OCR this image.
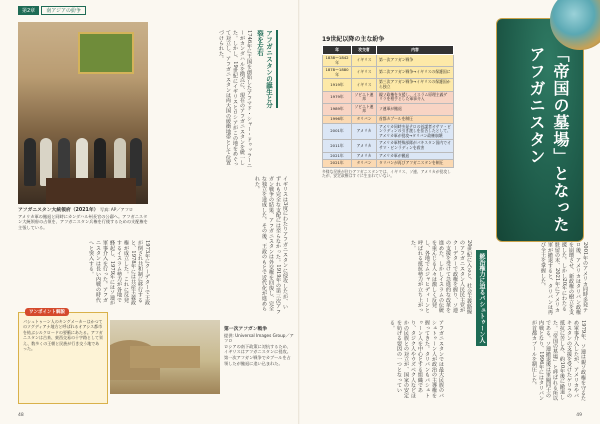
第2章	南アジアの紛争
アフガニスタン大統領府（2021年） 写真: AP／アフロ
アメリカ軍の撤退と同時にカンダハル州長官の公邸へ。アフガニスタン大統領府の占領を、アフガニスタン兵権を行使するための支配権を主張している。
アフガニスタンの誕生と分裂を左右
1746年に王国を創始したアフマド・シャー・ドゥッラーニーがカンダハルを拠点に、現在のアフガニスタンを統一した。しかし、19世紀にイギリスとロシアがこの地をめぐって対立し、アフガニスタンは両大国の緩衝地帯として位置づけられた。
イギリスは3度にわたりアフガニスタンに侵攻したが、いずれも完全な支配には至らなかった。1919年の第三次アフガン戦争の結果、アフガニスタンは外交権を回復し、完全な独立を達成した。その後、王政のもとで近代化が進められた。
1973年にクーデターで王政が倒され共和制に移行すると、1978年には共産主義政権が成立した。これに反発するイスラム勢力が各地で蜂起し、1979年にはソ連が軍事介入を行った。アフガニスタンは長い内戦の時代へと突入する。
ワンポイント解説
パシュトゥーン人のキングメーカーはかつてのソグディアナ地方と呼ばれるオアシス都市を結ぶシルクロードの要衝にあたる。アフガニスタンは古来、東西交易の十字路として栄え、数多くの王朝と民族が行き交う地であった。
第一次アフガン戦争
提供: Universal Images Group／アフロ
ロシアの南下政策に対抗するため、イギリスはアフガニスタンに侵攻。第一次アフガン戦争でカブールを占領したが撤退に追い込まれた。
48
19世紀以降の主な紛争
年	攻交者	内容
1838〜1842年	イギリス	第一次アフガン戦争
1878〜1880年	イギリス	第二次アフガン戦争→イギリスの保護国に
1919年	イギリス	第三次アフガン戦争→イギリスの保護国から独立
1979年	ソビエト連邦	親ソ政権を支援し、イスラム原理主義ゲリラを相手とした軍事介入
1989年	ソビエト連邦	ソ連軍が撤退
1996年	タリバン	首都カブールを制圧
2001年	アメリカ	アメリカ同時多発テロの首謀者オサマ・ビンラディンの引き渡しを拒否したとして、アメリカ軍が侵攻→タリバン政権崩壊
2011年	アメリカ	アメリカ軍特殊部隊がパキスタン国内でオサマ・ビンラディンを殺害
2021年	アメリカ	アメリカ軍が撤退
2021年	タリバン	タリバンが再びアフガニスタンを制圧
多様な民族が住むアフガニスタンでは、イギリス、ソ連、アメリカが侵攻したが、安定政権はすぐに生まれていない。	「帝国の墓場」となったアフガニスタン
20世紀に入ると、社会主義路線のアフガニスタン人民民主党がクーデターで政権を握り、ソ連の支援を受けて急進的な改革を進めた。しかしイスラムの伝統を重んじる人々は激しく反発し、各地でムジャヒディーンと呼ばれる抵抗勢力が立ち上がった。
統治権力に迫るパシュトゥーン人
1979年、ソ連は親ソ政権を守るため軍事介入したが、アメリカやパキスタンの支援を受けたゲリラの抵抗に苦しみ、約10年後に撤退した。「帝国の墓場」と呼ばれる所以である。ソ連撤退後は軍閥同士の内戦となり、1996年にはタリバンが首都カブールを制圧した。
アフガニスタンでは最大民族のパシュトゥーン人が政治の主導権を握ってきた。タリバンもパシュトゥーン人を中心とする組織であり、タジク人やウズベク人などほかの民族との対立が、国家の安定を妨げる要因の一つとなっている。
2001年のアメリカ同時多発テロ後、アメリカはタリバン政権を崩壊させ、新政権の樹立を支援した。しかし20年にわたる駐留の末、2021年にアメリカ軍が撤退すると、タリバンは再び全土を掌握した。
49
